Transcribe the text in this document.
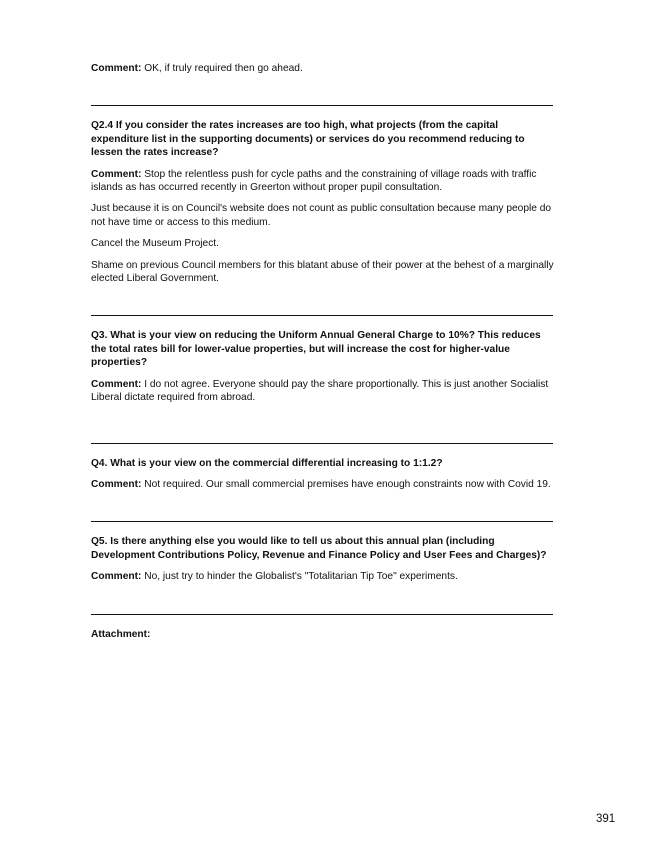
Comment: OK, if truly required then go ahead.

Q2.4 If you consider the rates increases are too high, what projects (from the capital expenditure list in the supporting documents) or services do you recommend reducing to lessen the rates increase?

Comment: Stop the relentless push for cycle paths and the constraining of village roads with traffic islands as has occurred recently in Greerton without proper pupil consultation.

Just because it is on Council's website does not count as public consultation because many people do not have time or access to this medium.

Cancel the Museum Project.

Shame on previous Council members for this blatant abuse of their power at the behest of a marginally elected Liberal Government.

Q3. What is your view on reducing the Uniform Annual General Charge to 10%? This reduces the total rates bill for lower-value properties, but will increase the cost for higher-value properties?

Comment: I do not agree. Everyone should pay the share proportionally. This is just another Socialist Liberal dictate required from abroad.

Q4. What is your view on the commercial differential increasing to 1:1.2?

Comment: Not required. Our small commercial premises have enough constraints now with Covid 19.

Q5. Is there anything else you would like to tell us about this annual plan (including Development Contributions Policy, Revenue and Finance Policy and User Fees and Charges)?

Comment: No, just try to hinder the Globalist's "Totalitarian Tip Toe" experiments.

Attachment:

391
